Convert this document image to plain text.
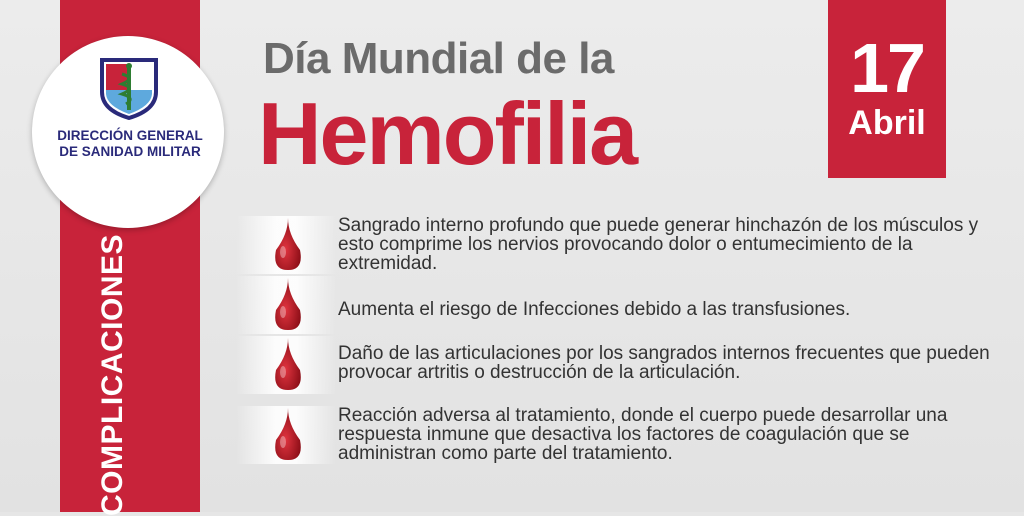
DIRECCIÓN GENERAL
DE SANIDAD MILITAR
COMPLICACIONES
Día Mundial de la
Hemofilia
17
Abril
Sangrado interno profundo que puede generar hinchazón de los músculos y esto comprime los nervios provocando dolor o entumecimiento de la extremidad.
Aumenta el riesgo de Infecciones debido a las transfusiones.
Daño de las articulaciones por los sangrados internos frecuentes que pueden provocar artritis o destrucción de la articulación.
Reacción adversa al tratamiento, donde el cuerpo puede desarrollar una respuesta inmune que desactiva los factores de coagulación que se administran como parte del tratamiento.
